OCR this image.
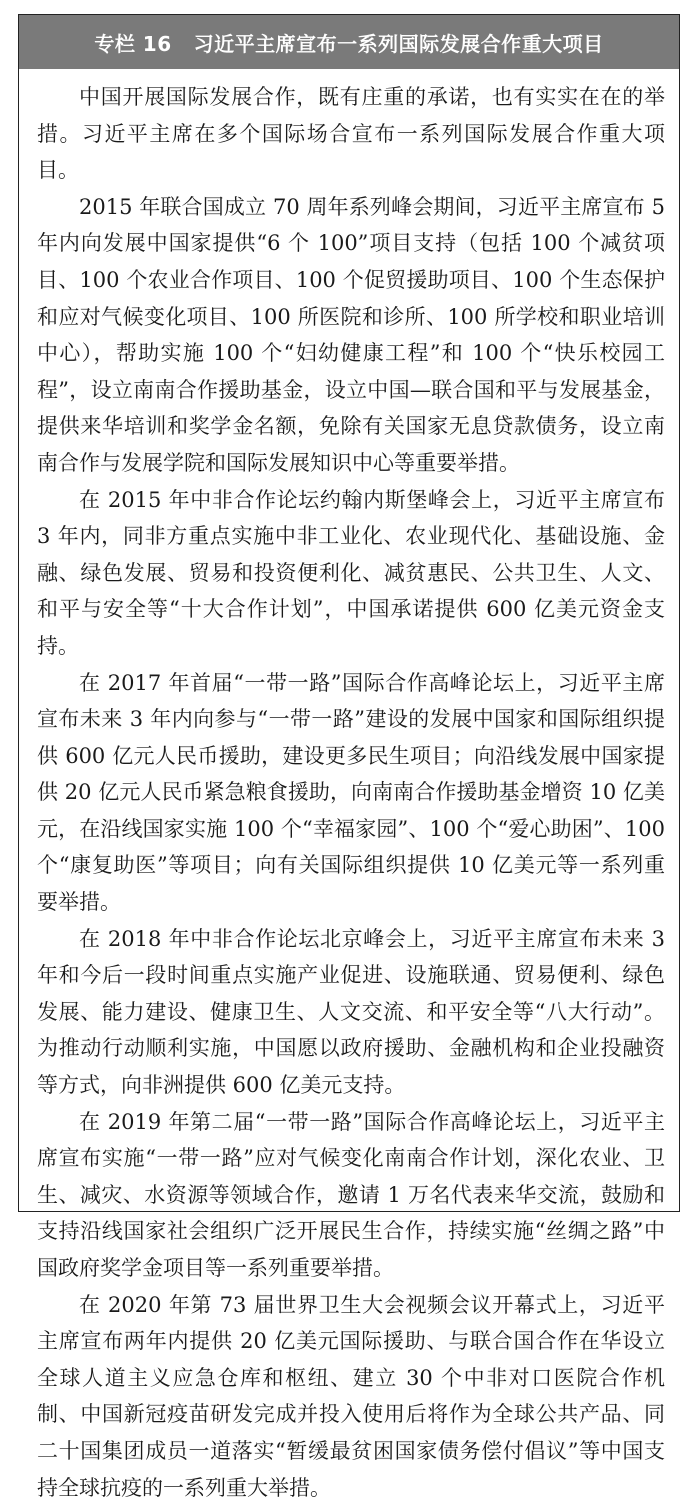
专栏 16 习近平主席宣布一系列国际发展合作重大项目

中国开展国际发展合作，既有庄重的承诺，也有实实在在的举措。习近平主席在多个国际场合宣布一系列国际发展合作重大项目。

2015 年联合国成立 70 周年系列峰会期间，习近平主席宣布 5 年内向发展中国家提供“6 个 100”项目支持（包括 100 个减贫项目、100 个农业合作项目、100 个促贸援助项目、100 个生态保护和应对气候变化项目、100 所医院和诊所、100 所学校和职业培训中心），帮助实施 100 个“妇幼健康工程”和 100 个“快乐校园工程”，设立南南合作援助基金，设立中国—联合国和平与发展基金，提供来华培训和奖学金名额，免除有关国家无息贷款债务，设立南南合作与发展学院和国际发展知识中心等重要举措。

在 2015 年中非合作论坛约翰内斯堡峰会上，习近平主席宣布 3 年内，同非方重点实施中非工业化、农业现代化、基础设施、金融、绿色发展、贸易和投资便利化、减贫惠民、公共卫生、人文、和平与安全等“十大合作计划”，中国承诺提供 600 亿美元资金支持。

在 2017 年首届“一带一路”国际合作高峰论坛上，习近平主席宣布未来 3 年内向参与“一带一路”建设的发展中国家和国际组织提供 600 亿元人民币援助，建设更多民生项目；向沿线发展中国家提供 20 亿元人民币紧急粮食援助，向南南合作援助基金增资 10 亿美元，在沿线国家实施 100 个“幸福家园”、100 个“爱心助困”、100 个“康复助医”等项目；向有关国际组织提供 10 亿美元等一系列重要举措。

在 2018 年中非合作论坛北京峰会上，习近平主席宣布未来 3 年和今后一段时间重点实施产业促进、设施联通、贸易便利、绿色发展、能力建设、健康卫生、人文交流、和平安全等“八大行动”。为推动行动顺利实施，中国愿以政府援助、金融机构和企业投融资等方式，向非洲提供 600 亿美元支持。

在 2019 年第二届“一带一路”国际合作高峰论坛上，习近平主席宣布实施“一带一路”应对气候变化南南合作计划，深化农业、卫生、减灾、水资源等领域合作，邀请 1 万名代表来华交流，鼓励和支持沿线国家社会组织广泛开展民生合作，持续实施“丝绸之路”中国政府奖学金项目等一系列重要举措。

在 2020 年第 73 届世界卫生大会视频会议开幕式上，习近平主席宣布两年内提供 20 亿美元国际援助、与联合国合作在华设立全球人道主义应急仓库和枢纽、建立 30 个中非对口医院合作机制、中国新冠疫苗研发完成并投入使用后将作为全球公共产品、同二十国集团成员一道落实“暂缓最贫困国家债务偿付倡议”等中国支持全球抗疫的一系列重大举措。
